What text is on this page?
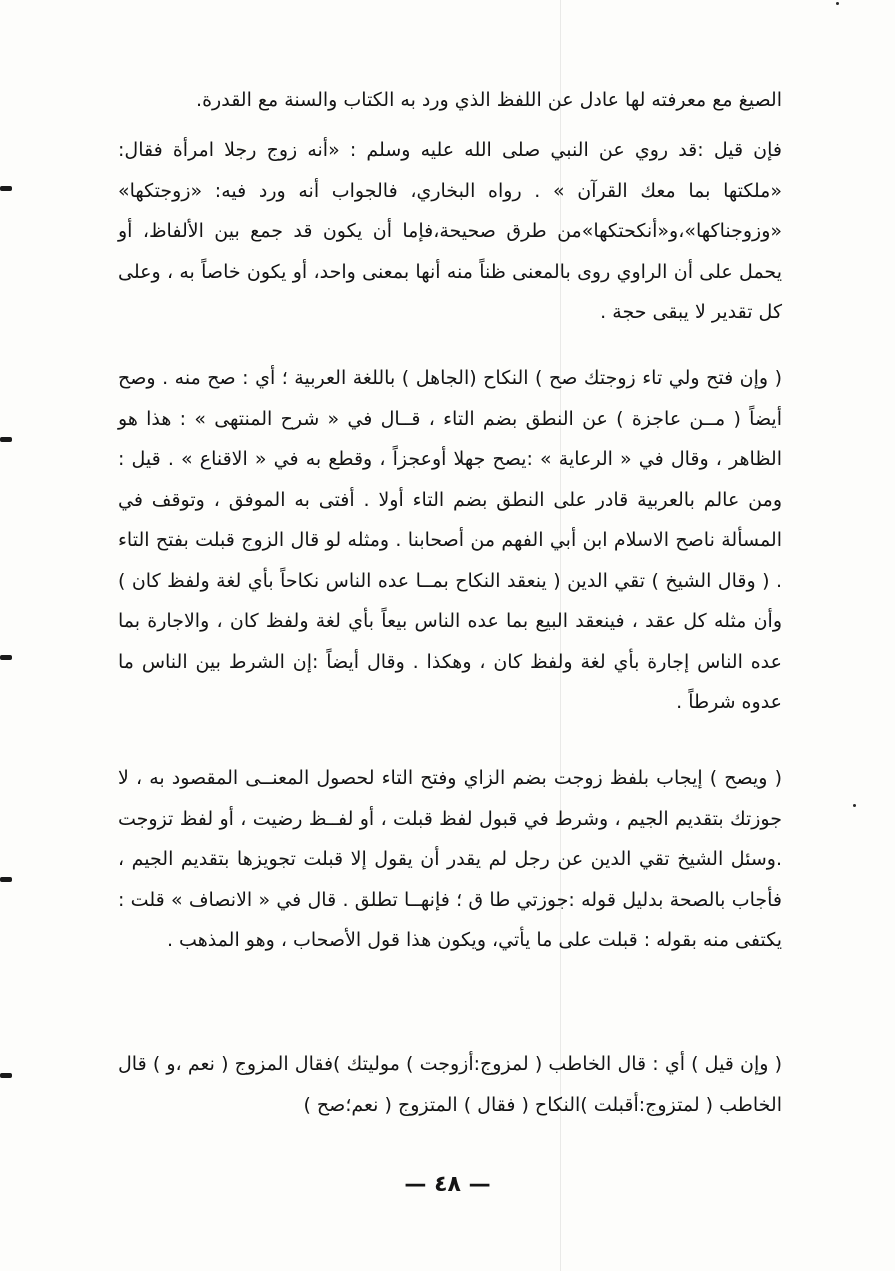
الصيغ مع معرفته لها عادل عن اللفظ الذي ورد به الكتاب والسنة مع القدرة.

فإن قيل :قد روي عن النبي صلى الله عليه وسلم : «أنه زوج رجلا امرأة فقال: «ملكتها بما معك القرآن » . رواه البخاري، فالجواب أنه ورد فيه: «زوجتكها» «وزوجناكها»،و«أنكحتكها»من طرق صحيحة،فإما أن يكون قد جمع بين الألفاظ، أو يحمل على أن الراوي روى بالمعنى ظناً منه أنها بمعنى واحد، أو يكون خاصاً به ، وعلى كل تقدير لا يبقى حجة .

( وإن فتح ولي تاء زوجتك صح ) النكاح (الجاهل ) باللغة العربية ؛ أي : صح منه . وصح أيضاً ( مــن عاجزة ) عن النطق بضم التاء ، قــال في « شرح المنتهى » : هذا هو الظاهر ، وقال في « الرعاية » :يصح جهلا أوعجزاً ، وقطع به في « الاقناع » . قيل : ومن عالم بالعربية قادر على النطق بضم التاء أولا . أفتى به الموفق ، وتوقف في المسألة ناصح الاسلام ابن أبي الفهم من أصحابنا . ومثله لو قال الزوج قبلت بفتح التاء . ( وقال الشيخ ) تقي الدين ( ينعقد النكاح بمــا عده الناس نكاحاً بأي لغة ولفظ كان ) وأن مثله كل عقد ، فينعقد البيع بما عده الناس بيعاً بأي لغة ولفظ كان ، والاجارة بما عده الناس إجارة بأي لغة ولفظ كان ، وهكذا . وقال أيضاً :إن الشرط بين الناس ما عدوه شرطاً .

( ويصح ) إيجاب بلفظ زوجت بضم الزاي وفتح التاء لحصول المعنــى المقصود به ، لا جوزتك بتقديم الجيم ، وشرط في قبول لفظ قبلت ، أو لفــظ رضيت ، أو لفظ تزوجت .وسئل الشيخ تقي الدين عن رجل لم يقدر أن يقول إلا قبلت تجويزها بتقديم الجيم ، فأجاب بالصحة بدليل قوله :جوزتي طا ق ؛ فإنهــا تطلق . قال في « الانصاف » قلت : يكتفى منه بقوله : قبلت على ما يأتي، ويكون هذا قول الأصحاب ، وهو المذهب .

( وإن قيل ) أي : قال الخاطب ( لمزوج:أزوجت ) موليتك )فقال المزوج ( نعم ،و ) قال الخاطب ( لمتزوج:أقبلت )النكاح ( فقال ) المتزوج ( نعم؛صح )

— ٤٨ —
